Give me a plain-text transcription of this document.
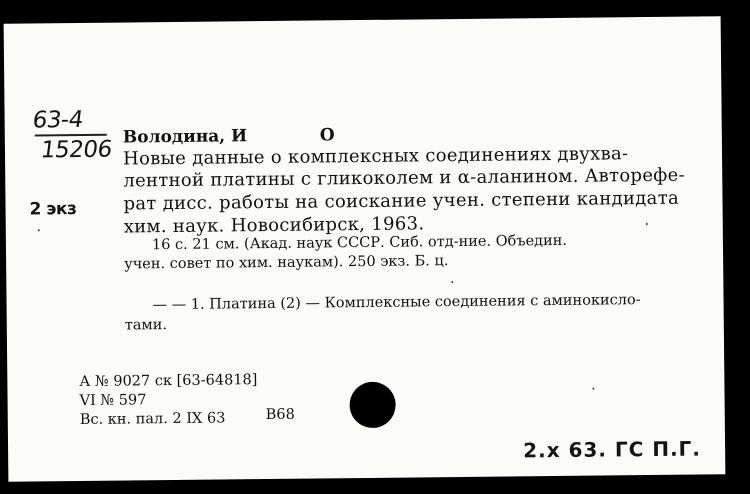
63-4
15206
2 экз
Володина, И	О
Новые данные о комплексных соединениях двухва-
лентной платины с гликоколем и α-аланином. Авторефе-
рат дисс. работы на соискание учен. степени кандидата
хим. наук. Новосибирск, 1963.
16 с. 21 см. (Акад. наук СССР. Сиб. отд-ние. Объедин.
учен. совет по хим. наукам). 250 экз. Б. ц.
— — 1. Платина (2) — Комплексные соединения с аминокисло-
тами.
А № 9027 ск [63-64818]
VI № 597
Вс. кн. пал. 2 IX 63	В68
2.x 63. ГС П.Г.
